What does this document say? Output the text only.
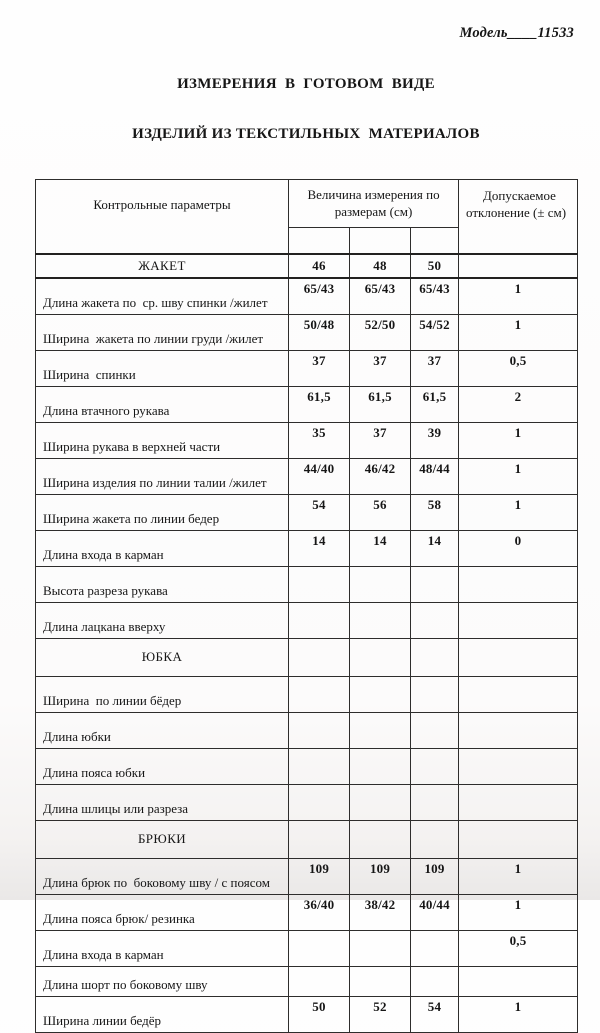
Модель____11533

ИЗМЕРЕНИЯ  В  ГОТОВОМ  ВИДЕ

ИЗДЕЛИЙ ИЗ ТЕКСТИЛЬНЫХ  МАТЕРИАЛОВ

Контрольные параметры	Величина измерения по размерам (см)			Допускаемое отклонение (± см)

ЖАКЕТ	46	48	50	
Длина жакета по  ср. шву спинки /жилет	65/43	65/43	65/43	1
Ширина  жакета по линии груди /жилет	50/48	52/50	54/52	1
Ширина  спинки	37	37	37	0,5
Длина втачного рукава	61,5	61,5	61,5	2
Ширина рукава в верхней части	35	37	39	1
Ширина изделия по линии талии /жилет	44/40	46/42	48/44	1
Ширина жакета по линии бедер	54	56	58	1
Длина входа в карман	14	14	14	0
Высота разреза рукава				
Длина лацкана вверху				
ЮБКА				
Ширина  по линии бёдер				
Длина юбки				
Длина пояса юбки				
Длина шлицы или разреза				
БРЮКИ				
Длина брюк по  боковому шву / с поясом	109	109	109	1
Длина пояса брюк/ резинка	36/40	38/42	40/44	1
Длина входа в карман				0,5
Длина шорт по боковому шву				
Ширина линии бедёр	50	52	54	1
